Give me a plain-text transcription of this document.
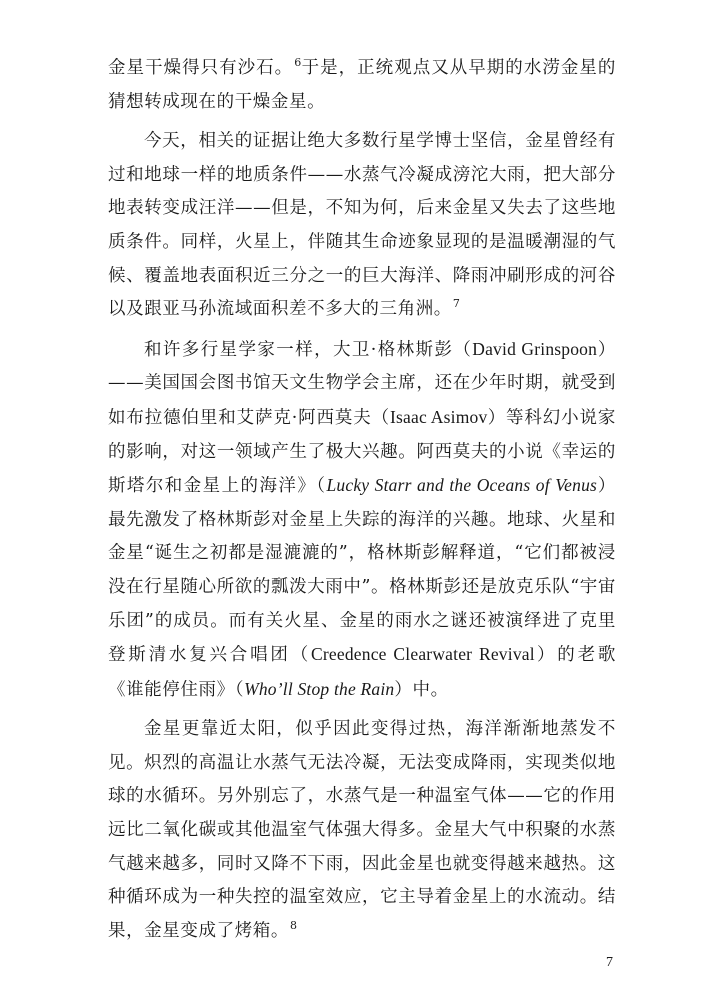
金星干燥得只有沙石。$^6$于是，正统观点又从早期的水涝金星的猜想转成现在的干燥金星。

今天，相关的证据让绝大多数行星学博士坚信，金星曾经有过和地球一样的地质条件——水蒸气冷凝成滂沱大雨，把大部分地表转变成汪洋——但是，不知为何，后来金星又失去了这些地质条件。同样，火星上，伴随其生命迹象显现的是温暖潮湿的气候、覆盖地表面积近三分之一的巨大海洋、降雨冲刷形成的河谷以及跟亚马孙流域面积差不多大的三角洲。$^7$

和许多行星学家一样，大卫·格林斯彭（David Grinspoon）——美国国会图书馆天文生物学会主席，还在少年时期，就受到如布拉德伯里和艾萨克·阿西莫夫（Isaac Asimov）等科幻小说家的影响，对这一领域产生了极大兴趣。阿西莫夫的小说《幸运的斯塔尔和金星上的海洋》（Lucky Starr and the Oceans of Venus）最先激发了格林斯彭对金星上失踪的海洋的兴趣。地球、火星和金星“诞生之初都是湿漉漉的”，格林斯彭解释道，“它们都被浸没在行星随心所欲的瓢泼大雨中”。格林斯彭还是放克乐队“宇宙乐团”的成员。而有关火星、金星的雨水之谜还被演绎进了克里登斯清水复兴合唱团（Creedence Clearwater Revival）的老歌《谁能停住雨》（Who’ll Stop the Rain）中。

金星更靠近太阳，似乎因此变得过热，海洋渐渐地蒸发不见。炽烈的高温让水蒸气无法冷凝，无法变成降雨，实现类似地球的水循环。另外别忘了，水蒸气是一种温室气体——它的作用远比二氧化碳或其他温室气体强大得多。金星大气中积聚的水蒸气越来越多，同时又降不下雨，因此金星也就变得越来越热。这种循环成为一种失控的温室效应，它主导着金星上的水流动。结果，金星变成了烤箱。$^8$

7
